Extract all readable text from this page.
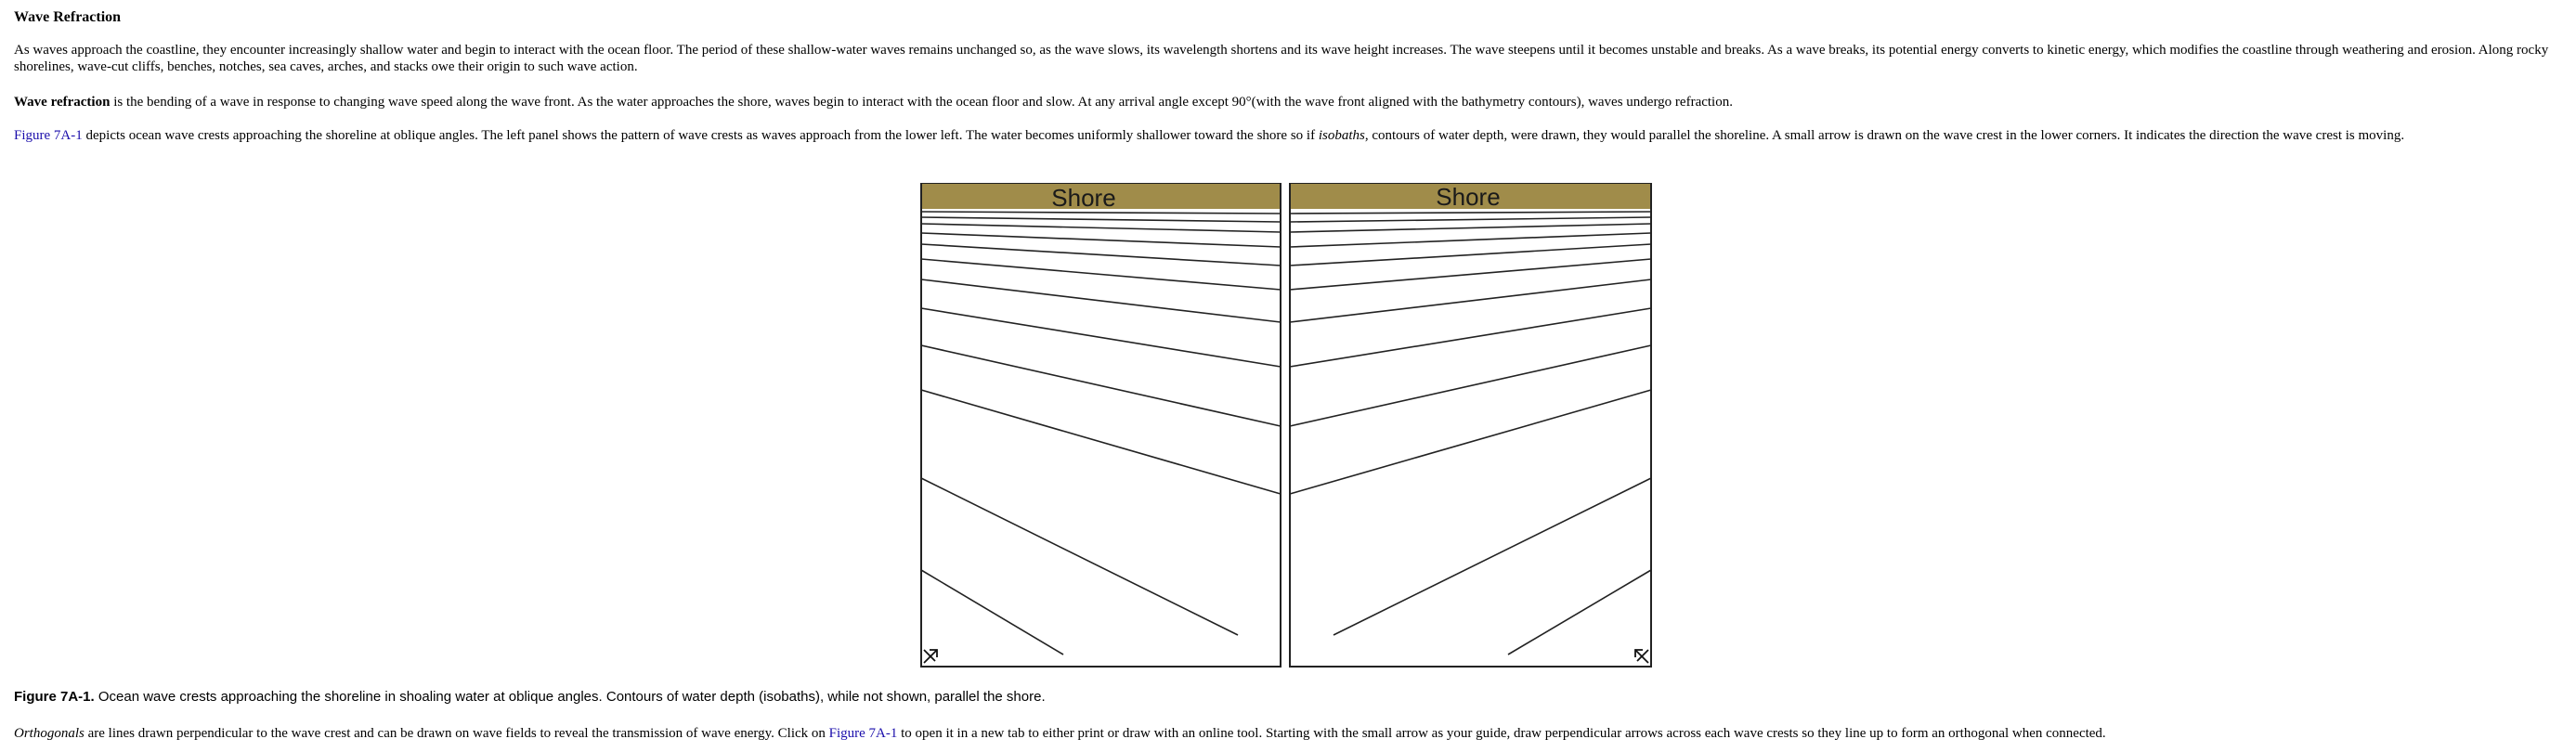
Wave Refraction

As waves approach the coastline, they encounter increasingly shallow water and begin to interact with the ocean floor. The period of these shallow-water waves remains unchanged so, as the wave slows, its wavelength shortens and its wave height increases. The wave steepens until it becomes unstable and breaks. As a wave breaks, its potential energy converts to kinetic energy, which modifies the coastline through weathering and erosion. Along rocky shorelines, wave-cut cliffs, benches, notches, sea caves, arches, and stacks owe their origin to such wave action.

Wave refraction is the bending of a wave in response to changing wave speed along the wave front. As the water approaches the shore, waves begin to interact with the ocean floor and slow. At any arrival angle except 90°(with the wave front aligned with the bathymetry contours), waves undergo refraction.

Figure 7A-1 depicts ocean wave crests approaching the shoreline at oblique angles. The left panel shows the pattern of wave crests as waves approach from the lower left. The water becomes uniformly shallower toward the shore so if isobaths, contours of water depth, were drawn, they would parallel the shoreline. A small arrow is drawn on the wave crest in the lower corners. It indicates the direction the wave crest is moving.

Shore	Shore

Figure 7A-1. Ocean wave crests approaching the shoreline in shoaling water at oblique angles. Contours of water depth (isobaths), while not shown, parallel the shore.

Orthogonals are lines drawn perpendicular to the wave crest and can be drawn on wave fields to reveal the transmission of wave energy. Click on Figure 7A-1 to open it in a new tab to either print or draw with an online tool. Starting with the small arrow as your guide, draw perpendicular arrows across each wave crests so they line up to form an orthogonal when connected.
